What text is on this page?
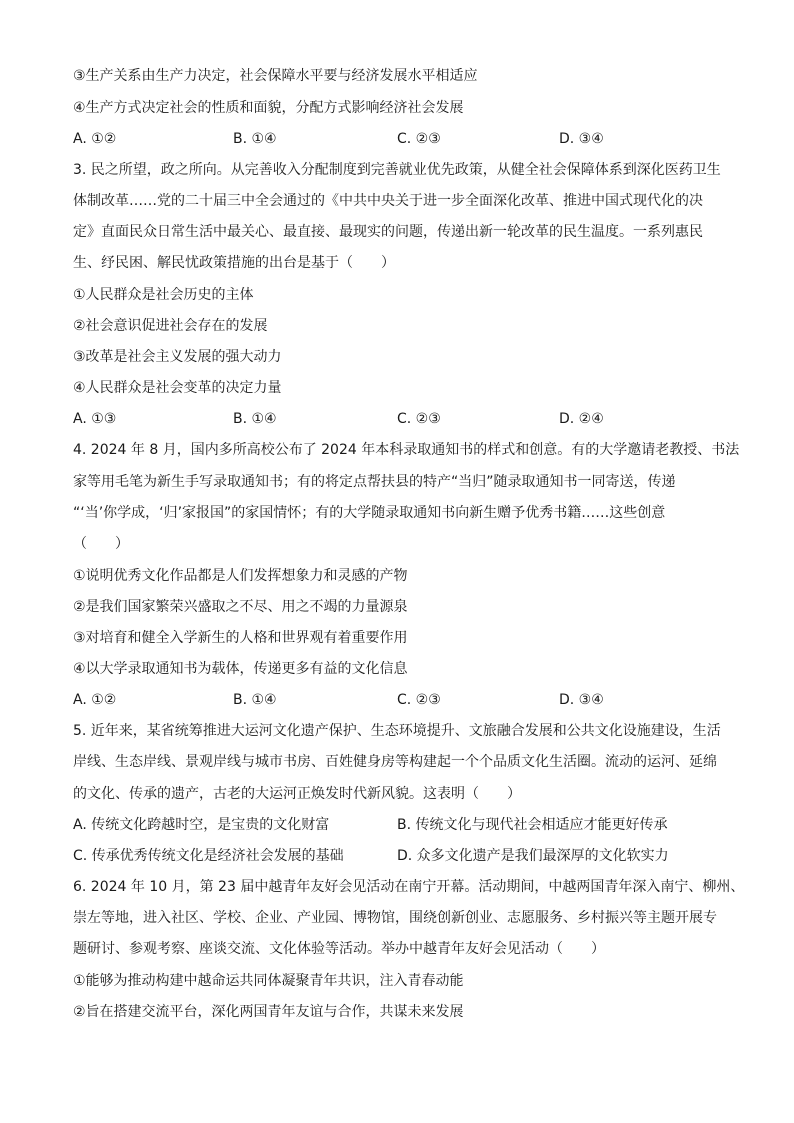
③生产关系由生产力决定，社会保障水平要与经济发展水平相适应
④生产方式决定社会的性质和面貌，分配方式影响经济社会发展
3. 民之所望，政之所向。从完善收入分配制度到完善就业优先政策，从健全社会保障体系到深化医药卫生
体制改革……党的二十届三中全会通过的《中共中央关于进一步全面深化改革、推进中国式现代化的决
定》直面民众日常生活中最关心、最直接、最现实的问题，传递出新一轮改革的民生温度。一系列惠民
生、纾民困、解民忧政策措施的出台是基于（　　）
①人民群众是社会历史的主体
②社会意识促进社会存在的发展
③改革是社会主义发展的强大动力
④人民群众是社会变革的决定力量
4. 2024 年 8 月，国内多所高校公布了 2024 年本科录取通知书的样式和创意。有的大学邀请老教授、书法
家等用毛笔为新生手写录取通知书；有的将定点帮扶县的特产“当归”随录取通知书一同寄送，传递
“‘当’你学成，‘归’家报国”的家国情怀；有的大学随录取通知书向新生赠予优秀书籍……这些创意
（　　）
①说明优秀文化作品都是人们发挥想象力和灵感的产物
②是我们国家繁荣兴盛取之不尽、用之不竭的力量源泉
③对培育和健全入学新生的人格和世界观有着重要作用
④以大学录取通知书为载体，传递更多有益的文化信息
5. 近年来，某省统筹推进大运河文化遗产保护、生态环境提升、文旅融合发展和公共文化设施建设，生活
岸线、生态岸线、景观岸线与城市书房、百姓健身房等构建起一个个品质文化生活圈。流动的运河、延绵
的文化、传承的遗产，古老的大运河正焕发时代新风貌。这表明（　　）
6. 2024 年 10 月，第 23 届中越青年友好会见活动在南宁开幕。活动期间，中越两国青年深入南宁、柳州、
崇左等地，进入社区、学校、企业、产业园、博物馆，围绕创新创业、志愿服务、乡村振兴等主题开展专
题研讨、参观考察、座谈交流、文化体验等活动。举办中越青年友好会见活动（　　）
①能够为推动构建中越命运共同体凝聚青年共识，注入青春动能
②旨在搭建交流平台，深化两国青年友谊与合作，共谋未来发展
A. ①②	B. ①④	C. ②③	D. ③④
A. ①③	B. ①④	C. ②③	D. ②④
A. ①②	B. ①④	C. ②③	D. ③④
A. 传统文化跨越时空，是宝贵的文化财富	B. 传统文化与现代社会相适应才能更好传承
C. 传承优秀传统文化是经济社会发展的基础	D. 众多文化遗产是我们最深厚的文化软实力
